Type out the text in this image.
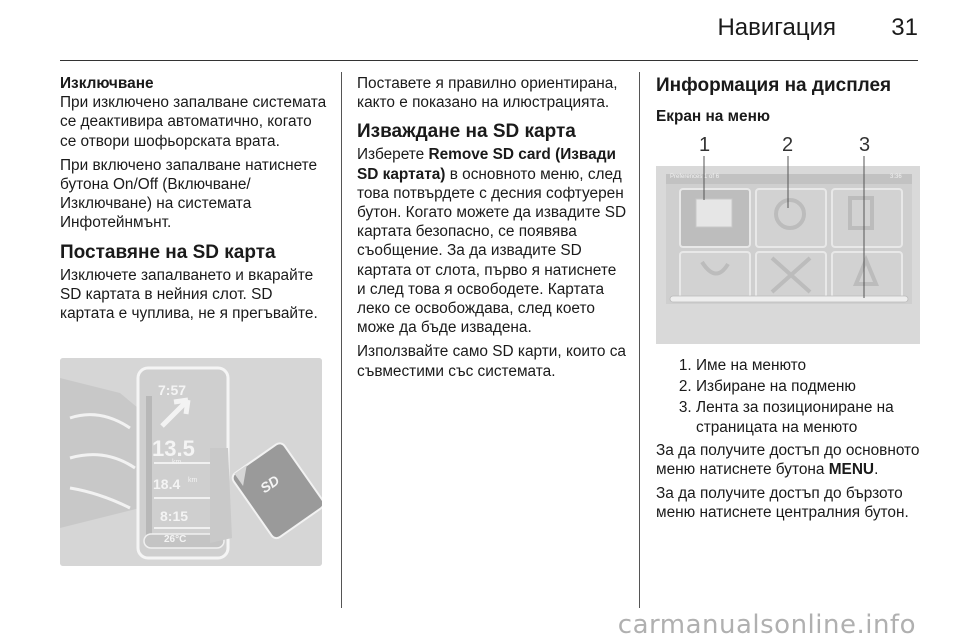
Навигация 31
Изключване

При изключено запалване системата се деактивира автоматично, когато се отвори шофьорската врата.

При включено запалване натиснете бутона On/Off (Включване/Изключване) на системата Инфотейнмънт.

Поставяне на SD карта

Изключете запалването и вкарайте SD картата в нейния слот. SD картата е чуплива, не я прегъвайте.

7:57
13.5
km
18.4 km
8:15
26°C
SD

Поставете я правилно ориентирана, както е показано на илюстрацията.

Изваждане на SD карта

Изберете Remove SD card (Извади SD картата) в основното меню, след това потвърдете с десния софтуерен бутон. Когато можете да извадите SD картата безопасно, се появява съобщение. За да извадите SD картата от слота, първо я натиснете и след това я освободете. Картата леко се освобождава, след което може да бъде извадена.

Използвайте само SD карти, които са съвместими със системата.

Информация на дисплея
Екран на меню
1	2	3
Preferences 1 of 6	3:36
1. Име на менюто
2. Избиране на подменю
3. Лента за позициониране на страницата на менюто

За да получите достъп до основното меню натиснете бутона MENU.

За да получите достъп до бързото меню натиснете централния бутон.

carmanualsonline.info
